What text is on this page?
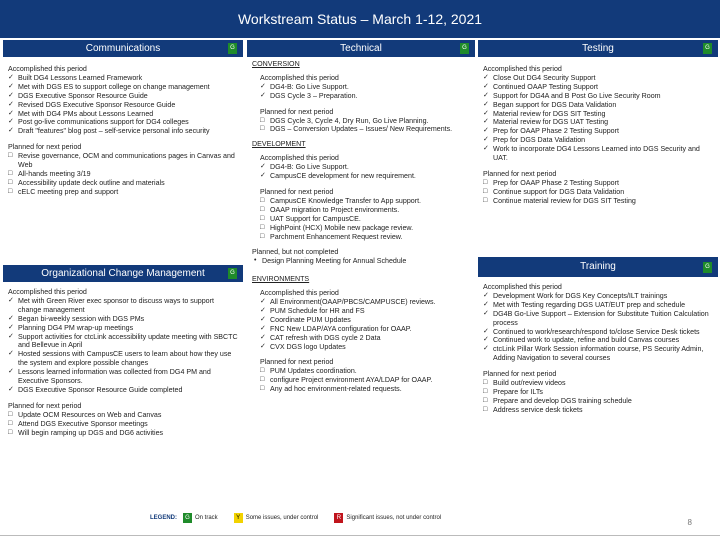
Workstream Status – March 1-12, 2021
Communications	G

Accomplished this period

✓ Built DG4 Lessons Learned Framework
✓ Met with DGS ES to support college on change management
✓ DGS Executive Sponsor Resource Guide
✓ Revised DGS Executive Sponsor Resource Guide
✓ Met with DG4 PMs about Lessons Learned
✓ Post go-live communications support for DG4 colleges
✓ Draft "features" blog post – self-service personal info security

Planned for next period

□ Revise governance, OCM and communications pages in Canvas and Web
□ All-hands meeting 3/19
□ Accessibility update deck outline and materials
□ cELC meeting prep and support
Organizational Change Management	G

Accomplished this period

✓ Met with Green River exec sponsor to discuss ways to support change management
✓ Began bi-weekly session with DGS PMs
✓ Planning DG4 PM wrap-up meetings
✓ Support activities for ctcLink accessibility update meeting with SBCTC and Bellevue in April
✓ Hosted sessions with CampusCE users to learn about how they use the system and explore possible changes
✓ Lessons learned information was collected from DG4 PM and Executive Sponsors.
✓ DGS Executive Sponsor Resource Guide completed

Planned for next period

□ Update OCM Resources on Web and Canvas
□ Attend DGS Executive Sponsor meetings
□ Will begin ramping up DGS and DG6 activities
Technical	G

CONVERSION

Accomplished this period

✓ DG4-B: Go Live Support.
✓ DGS Cycle 3 – Preparation.

Planned for next period

□ DGS Cycle 3, Cycle 4, Dry Run, Go Live Planning.
□ DGS – Conversion Updates – Issues/ New Requirements.

DEVELOPMENT

Accomplished this period

✓ DG4-B: Go Live Support.
✓ CampusCE development for new requirement.

Planned for next period

□ CampusCE Knowledge Transfer to App support.
□ OAAP migration to Project environments.
□ UAT Support for CampusCE.
□ HighPoint (HCX) Mobile new package review.
□ Parchment Enhancement Request review.

Planned, but not completed

• Design Planning Meeting for Annual Schedule

ENVIRONMENTS

Accomplished this period

✓ All Environment(OAAP/PBCS/CAMPUSCE) reviews.
✓ PUM Schedule for HR and FS
✓ Coordinate PUM Updates
✓ FNC New LDAP/AYA configuration for OAAP.
✓ CAT refresh with DGS cycle 2 Data
✓ CVX DGS logo Updates

Planned for next period

□ PUM Updates coordination.
□ configure Project environment AYA/LDAP for OAAP.
□ Any ad hoc environment-related requests.
Testing	G

Accomplished this period

✓ Close Out DG4 Security Support
✓ Continued OAAP Testing Support
✓ Support for DG4A and B Post Go Live Security Room
✓ Began support for DGS Data Validation
✓ Material review for DGS SIT Testing
✓ Material review for DGS UAT Testing
✓ Prep for OAAP Phase 2 Testing Support
✓ Prep for DGS Data Validation
✓ Work to incorporate DG4 Lessons Learned into DGS Security and UAT.

Planned for next period

□ Prep for OAAP Phase 2 Testing Support
□ Continue support for DGS Data Validation
□ Continue material review for DGS SIT Testing
Training	G

Accomplished this period

✓ Development Work for DGS Key Concepts/ILT trainings
✓ Met with Testing regarding DGS UAT/EUT prep and schedule
✓ DG4B Go-Live Support – Extension for Substitute Tuition Calculation process
✓ Continued to work/research/respond to/close Service Desk tickets
✓ Continued work to update, refine and build Canvas courses
✓ ctcLink Pillar Work Session information course, PS Security Admin, Adding Navigation to several courses

Planned for next period

□ Build out/review videos
□ Prepare for ILTs
□ Prepare and develop DGS training schedule
□ Address service desk tickets
LEGEND:	G On track	Y Some issues, under control	R Significant issues, not under control	8
